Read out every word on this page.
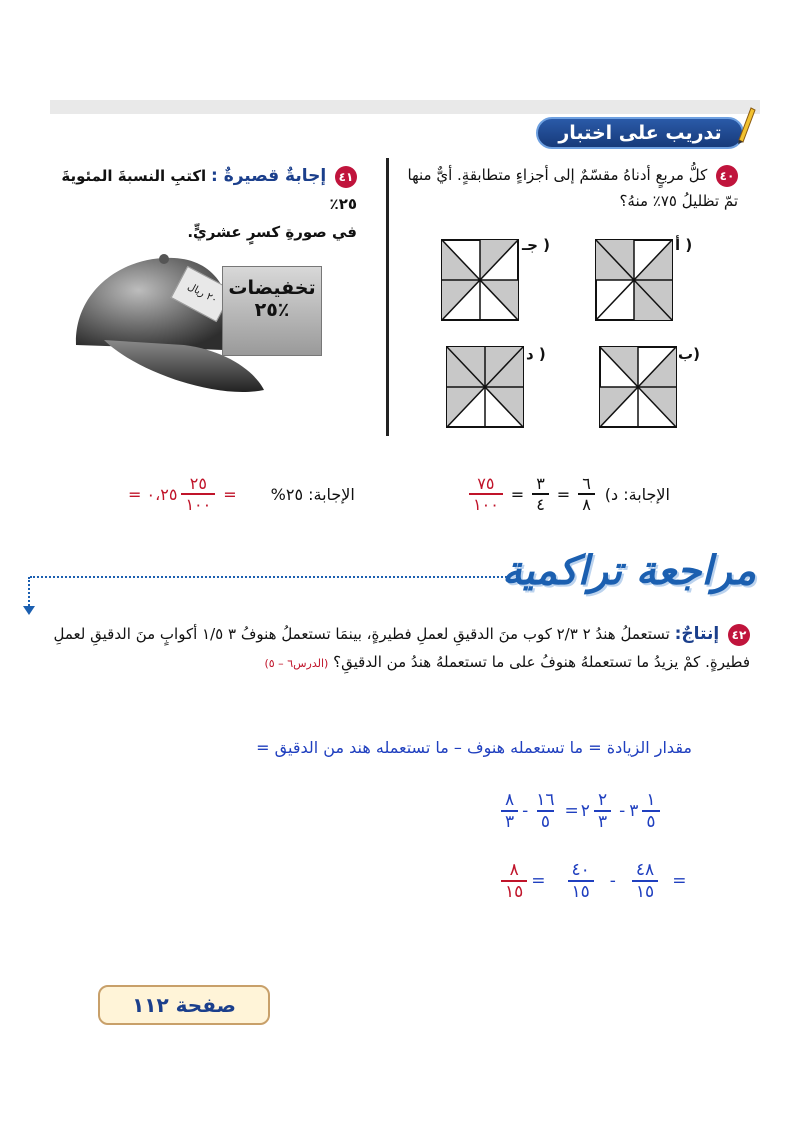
تدريب على اختبار
٤٠ كلُّ مربعٍ أدناهُ مقسّمٌ إلى أجزاءٍ متطابقةٍ. أيٌّ منها تمّ تظليلُ ٧٥٪ منهُ؟
أ )
جـ )
ب)
د )
٤١ إجابةٌ قصيرةٌ : اكتبِ النسبةَ المئويةَ ٢٥٪
في صورةِ كسرٍ عشريٍّ.
٢٠ ريال تخفيضات
٪٢٥
$\frac{٧٥}{١٠٠} = \frac{٣}{٤} = \frac{٦}{٨}$ الإجابة: د)
٠،٢٥ = $\frac{٢٥}{١٠٠}$ = الإجابة: ٢٥%
مراجعة تراكمية
٤٢ إنتاجٌ: تستعملُ هندُ ٢ ٢/٣ كوب منَ الدقيقِ لعملِ فطيرةٍ، بينمَا تستعملُ هنوفُ ٣ ١/٥ أكوابٍ منَ الدقيقِ لعملِ فطيرةٍ. كمْ يزيدُ ما تستعملهُ هنوفُ على ما تستعملهُ هندُ من الدقيقِ؟ (الدرس٦ – ٥)
مقدار الزيادة = ما تستعمله هنوف – ما تستعمله هند من الدقيق =
$\frac{٨}{٣} - \frac{١٦}{٥}$ = ٢ $\frac{٢}{٣}$ - ٣ $\frac{١}{٥}$
$\frac{٨}{١٥} = \frac{٤٠}{١٥} - \frac{٤٨}{١٥}$ =
صفحة ١١٢
